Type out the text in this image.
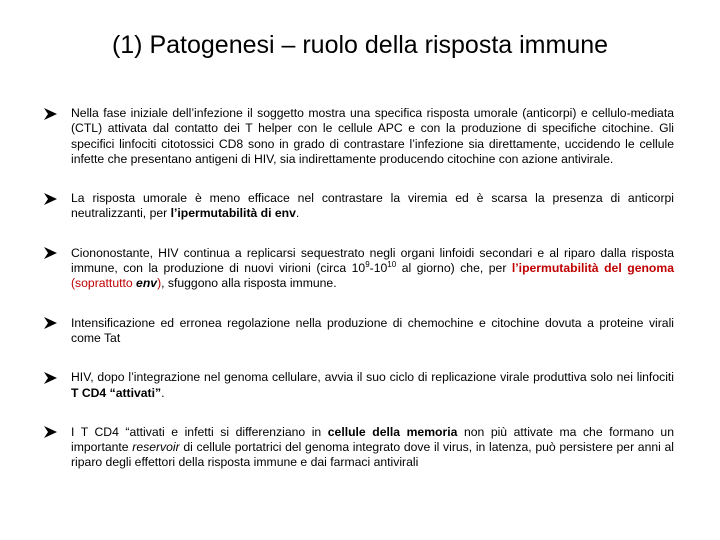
(1) Patogenesi – ruolo della risposta immune
Nella fase iniziale dell’infezione il soggetto mostra una specifica risposta umorale (anticorpi) e cellulo-mediata (CTL) attivata dal contatto dei T helper con le cellule APC e con la produzione di specifiche citochine. Gli specifici linfociti citotossici CD8 sono in grado di contrastare l’infezione sia direttamente, uccidendo le cellule infette che presentano antigeni di HIV, sia indirettamente producendo citochine con azione antivirale.
La risposta umorale è meno efficace nel contrastare la viremia ed è scarsa la presenza di anticorpi neutralizzanti, per l’ipermutabilità di env.
Ciononostante, HIV continua a replicarsi sequestrato negli organi linfoidi secondari e al riparo dalla risposta immune, con la produzione di nuovi virioni (circa $10^9-10^{10}$ al giorno) che, per l’ipermutabilità del genoma (soprattutto env), sfuggono alla risposta immune.
Intensificazione ed erronea regolazione nella produzione di chemochine e citochine dovuta a proteine virali come Tat
HIV, dopo l’integrazione nel genoma cellulare, avvia il suo ciclo di replicazione virale produttiva solo nei linfociti T CD4 “attivati”.
I T CD4 “attivati e infetti si differenziano in cellule della memoria non più attivate ma che formano un importante reservoir di cellule portatrici del genoma integrato dove il virus, in latenza, può persistere per anni al riparo degli effettori della risposta immune e dai farmaci antivirali
